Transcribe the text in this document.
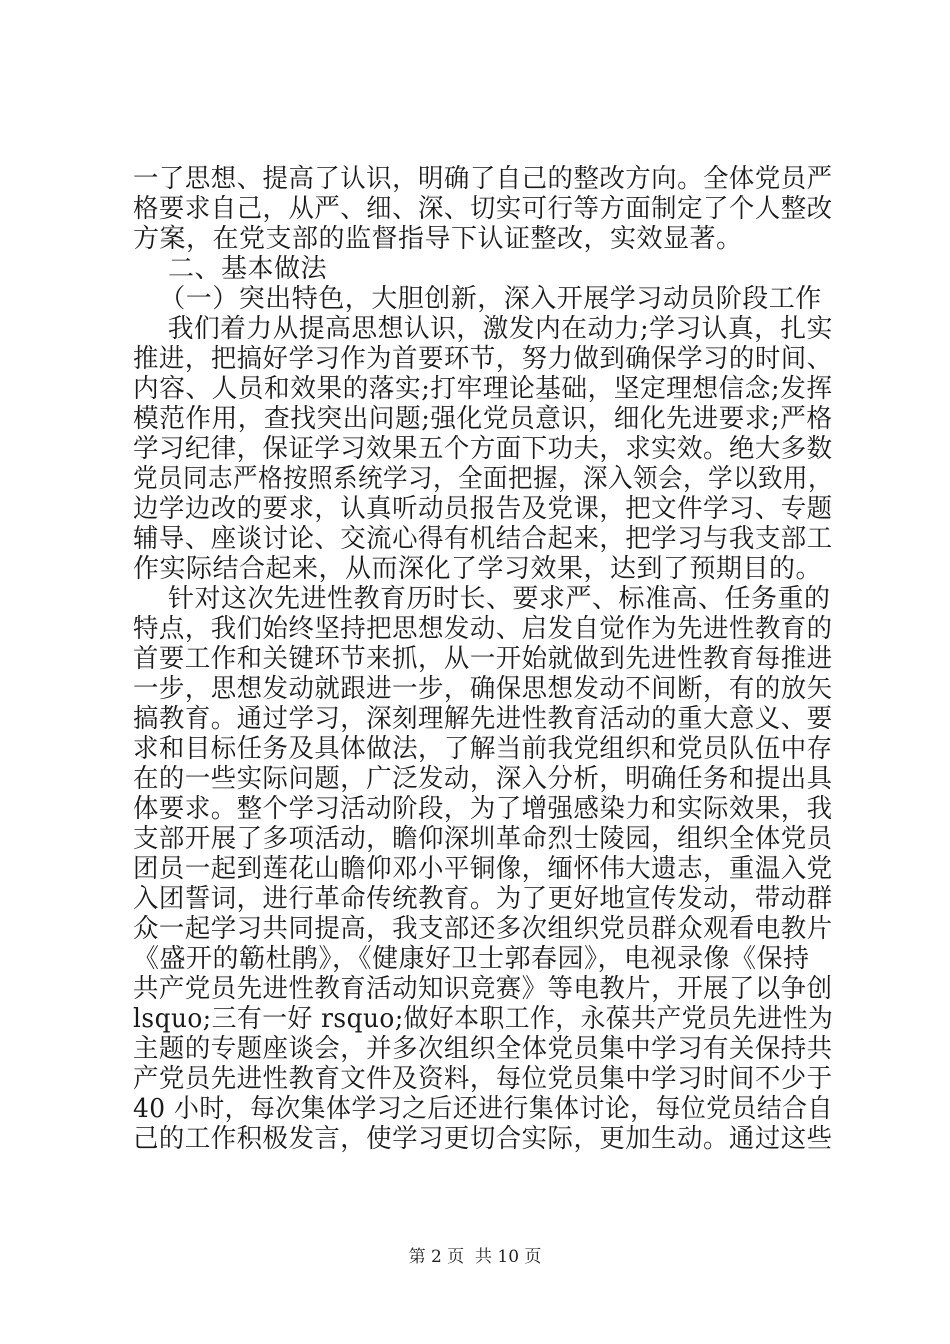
一了思想、提高了认识，明确了自己的整改方向。全体党员严
格要求自己，从严、细、深、切实可行等方面制定了个人整改
方案，在党支部的监督指导下认证整改，实效显著。
二、基本做法
（一）突出特色，大胆创新，深入开展学习动员阶段工作
我们着力从提高思想认识，激发内在动力;学习认真，扎实
推进，把搞好学习作为首要环节，努力做到确保学习的时间、
内容、人员和效果的落实;打牢理论基础，坚定理想信念;发挥
模范作用，查找突出问题;强化党员意识，细化先进要求;严格
学习纪律，保证学习效果五个方面下功夫，求实效。绝大多数
党员同志严格按照系统学习，全面把握，深入领会，学以致用，
边学边改的要求，认真听动员报告及党课，把文件学习、专题
辅导、座谈讨论、交流心得有机结合起来，把学习与我支部工
作实际结合起来，从而深化了学习效果，达到了预期目的。
针对这次先进性教育历时长、要求严、标准高、任务重的
特点，我们始终坚持把思想发动、启发自觉作为先进性教育的
首要工作和关键环节来抓，从一开始就做到先进性教育每推进
一步，思想发动就跟进一步，确保思想发动不间断，有的放矢
搞教育。通过学习，深刻理解先进性教育活动的重大意义、要
求和目标任务及具体做法，了解当前我党组织和党员队伍中存
在的一些实际问题，广泛发动，深入分析，明确任务和提出具
体要求。整个学习活动阶段，为了增强感染力和实际效果，我
支部开展了多项活动，瞻仰深圳革命烈士陵园，组织全体党员
团员一起到莲花山瞻仰邓小平铜像，缅怀伟大遗志，重温入党
入团誓词，进行革命传统教育。为了更好地宣传发动，带动群
众一起学习共同提高，我支部还多次组织党员群众观看电教片
《盛开的簕杜鹃》，《健康好卫士郭春园》，电视录像《保持
共产党员先进性教育活动知识竞赛》等电教片，开展了以争创
lsquo;三有一好 rsquo;做好本职工作，永葆共产党员先进性为
主题的专题座谈会，并多次组织全体党员集中学习有关保持共
产党员先进性教育文件及资料，每位党员集中学习时间不少于
40 小时，每次集体学习之后还进行集体讨论，每位党员结合自
己的工作积极发言，使学习更切合实际，更加生动。通过这些
第 2 页  共 10 页
